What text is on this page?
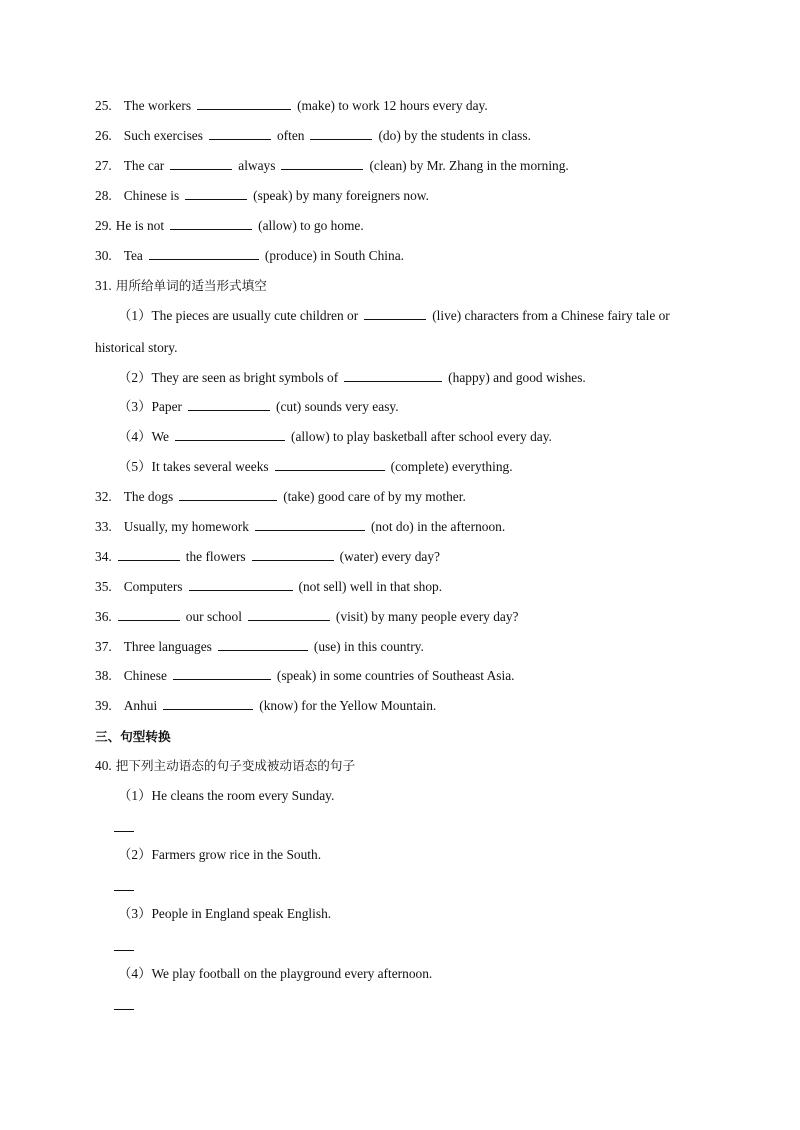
25. The workers	(make) to work 12 hours every day.
26. Such exercises	often	(do) by the students in class.
27. The car	always	(clean) by Mr. Zhang in the morning.
28. Chinese is	(speak) by many foreigners now.
29. He is not	(allow) to go home.
30. Tea	(produce) in South China.
31. 用所给单词的适当形式填空
（1）The pieces are usually cute children or	(live) characters from a Chinese fairy tale or
historical story.
（2）They are seen as bright symbols of	(happy) and good wishes.
（3）Paper	(cut) sounds very easy.
（4）We	(allow) to play basketball after school every day.
（5）It takes several weeks	(complete) everything.
32. The dogs	(take) good care of by my mother.
33. Usually, my homework	(not do) in the afternoon.
34.	the flowers	(water) every day?
35. Computers	(not sell) well in that shop.
36.	our school	(visit) by many people every day?
37. Three languages	(use) in this country.
38. Chinese	(speak) in some countries of Southeast Asia.
39. Anhui	(know) for the Yellow Mountain.
三、句型转换
40. 把下列主动语态的句子变成被动语态的句子
（1）He cleans the room every Sunday.
（2）Farmers grow rice in the South.
（3）People in England speak English.
（4）We play football on the playground every afternoon.
